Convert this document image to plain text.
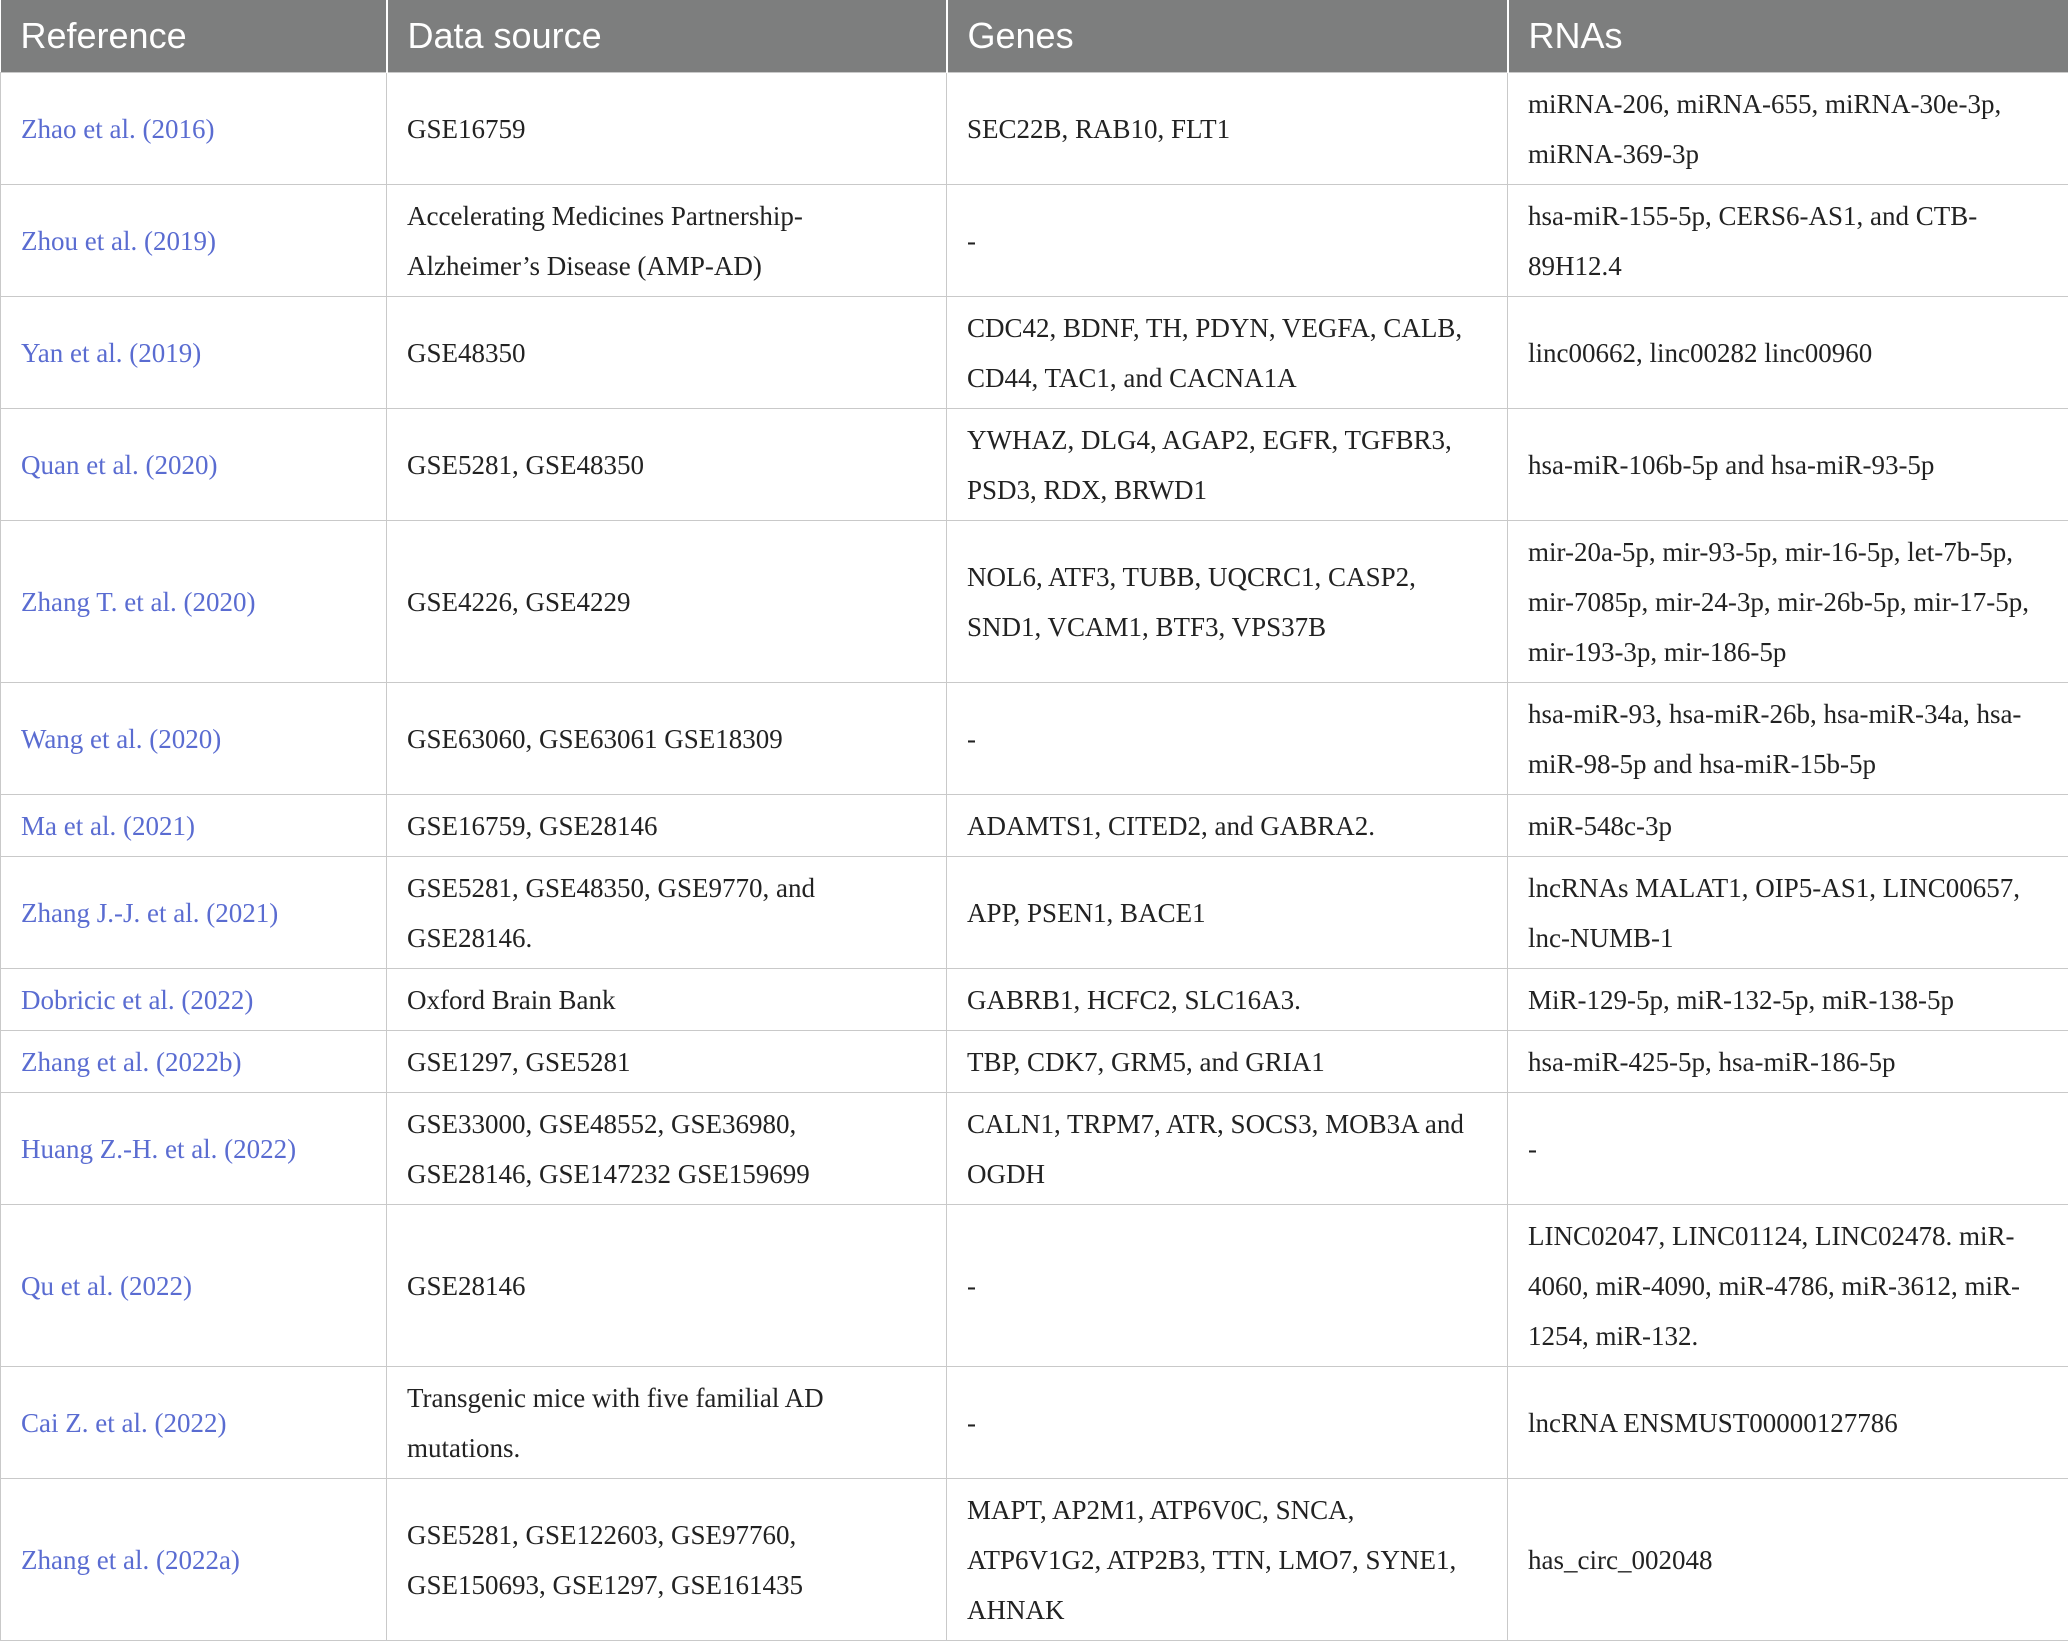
Reference	Data source	Genes	RNAs
Zhao et al. (2016)	GSE16759	SEC22B, RAB10, FLT1	miRNA-206, miRNA-655, miRNA-30e-3p, miRNA-369-3p
Zhou et al. (2019)	Accelerating Medicines Partnership-Alzheimer’s Disease (AMP-AD)	-	hsa-miR-155-5p, CERS6-AS1, and CTB-89H12.4
Yan et al. (2019)	GSE48350	CDC42, BDNF, TH, PDYN, VEGFA, CALB, CD44, TAC1, and CACNA1A	linc00662, linc00282 linc00960
Quan et al. (2020)	GSE5281, GSE48350	YWHAZ, DLG4, AGAP2, EGFR, TGFBR3, PSD3, RDX, BRWD1	hsa-miR-106b-5p and hsa-miR-93-5p
Zhang T. et al. (2020)	GSE4226, GSE4229	NOL6, ATF3, TUBB, UQCRC1, CASP2, SND1, VCAM1, BTF3, VPS37B	mir-20a-5p, mir-93-5p, mir-16-5p, let-7b-5p, mir-7085p, mir-24-3p, mir-26b-5p, mir-17-5p, mir-193-3p, mir-186-5p
Wang et al. (2020)	GSE63060, GSE63061 GSE18309	-	hsa-miR-93, hsa-miR-26b, hsa-miR-34a, hsa-miR-98-5p and hsa-miR-15b-5p
Ma et al. (2021)	GSE16759, GSE28146	ADAMTS1, CITED2, and GABRA2.	miR-548c-3p
Zhang J.-J. et al. (2021)	GSE5281, GSE48350, GSE9770, and GSE28146.	APP, PSEN1, BACE1	lncRNAs MALAT1, OIP5-AS1, LINC00657, lnc-NUMB-1
Dobricic et al. (2022)	Oxford Brain Bank	GABRB1, HCFC2, SLC16A3.	MiR-129-5p, miR-132-5p, miR-138-5p
Zhang et al. (2022b)	GSE1297, GSE5281	TBP, CDK7, GRM5, and GRIA1	hsa-miR-425-5p, hsa-miR-186-5p
Huang Z.-H. et al. (2022)	GSE33000, GSE48552, GSE36980, GSE28146, GSE147232 GSE159699	CALN1, TRPM7, ATR, SOCS3, MOB3A and OGDH	-
Qu et al. (2022)	GSE28146	-	LINC02047, LINC01124, LINC02478. miR-4060, miR-4090, miR-4786, miR-3612, miR-1254, miR-132.
Cai Z. et al. (2022)	Transgenic mice with five familial AD mutations.	-	lncRNA ENSMUST00000127786
Zhang et al. (2022a)	GSE5281, GSE122603, GSE97760, GSE150693, GSE1297, GSE161435	MAPT, AP2M1, ATP6V0C, SNCA, ATP6V1G2, ATP2B3, TTN, LMO7, SYNE1, AHNAK	has_circ_002048
